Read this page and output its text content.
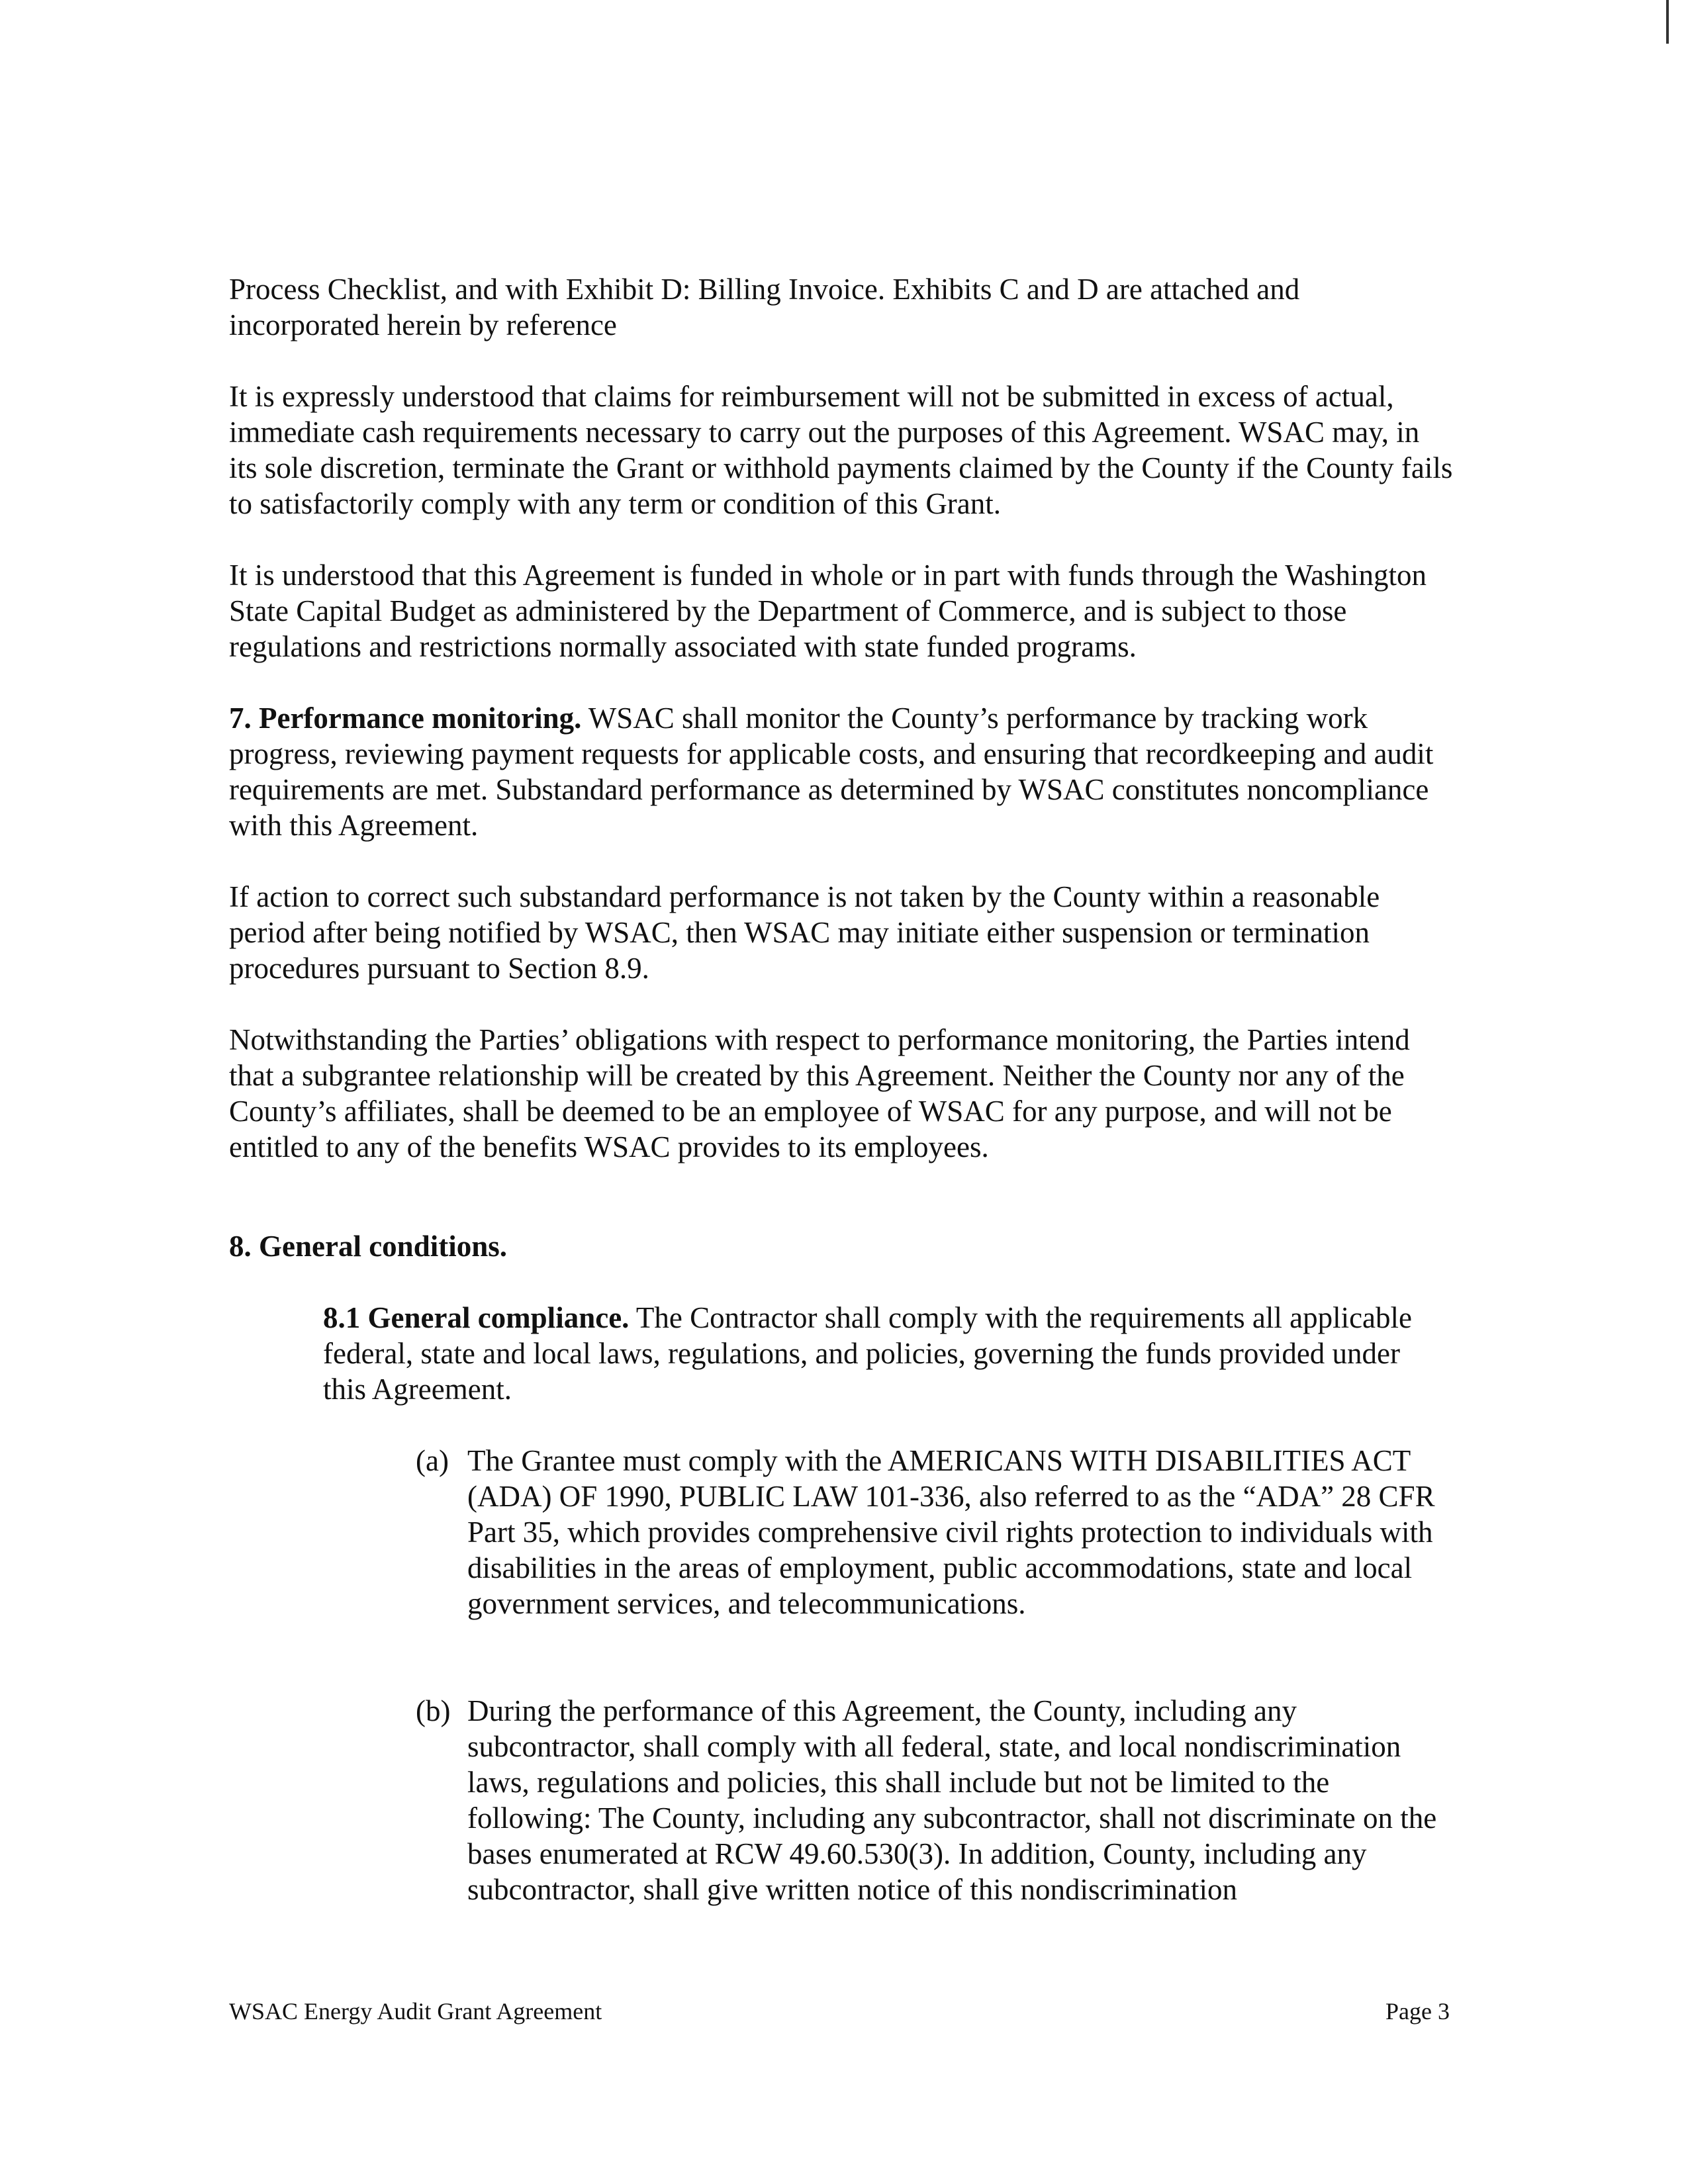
Process Checklist, and with Exhibit D: Billing Invoice. Exhibits C and D are attached and incorporated herein by reference

It is expressly understood that claims for reimbursement will not be submitted in excess of actual, immediate cash requirements necessary to carry out the purposes of this Agreement. WSAC may, in its sole discretion, terminate the Grant or withhold payments claimed by the County if the County fails to satisfactorily comply with any term or condition of this Grant.

It is understood that this Agreement is funded in whole or in part with funds through the Washington State Capital Budget as administered by the Department of Commerce, and is subject to those regulations and restrictions normally associated with state funded programs.

7. Performance monitoring. WSAC shall monitor the County’s performance by tracking work progress, reviewing payment requests for applicable costs, and ensuring that recordkeeping and audit requirements are met. Substandard performance as determined by WSAC constitutes noncompliance with this Agreement.

If action to correct such substandard performance is not taken by the County within a reasonable period after being notified by WSAC, then WSAC may initiate either suspension or termination procedures pursuant to Section 8.9.

Notwithstanding the Parties’ obligations with respect to performance monitoring, the Parties intend that a subgrantee relationship will be created by this Agreement. Neither the County nor any of the County’s affiliates, shall be deemed to be an employee of WSAC for any purpose, and will not be entitled to any of the benefits WSAC provides to its employees.

8. General conditions.

8.1 General compliance. The Contractor shall comply with the requirements all applicable federal, state and local laws, regulations, and policies, governing the funds provided under this Agreement.

(a) The Grantee must comply with the AMERICANS WITH DISABILITIES ACT (ADA) OF 1990, PUBLIC LAW 101-336, also referred to as the “ADA” 28 CFR Part 35, which provides comprehensive civil rights protection to individuals with disabilities in the areas of employment, public accommodations, state and local government services, and telecommunications.
(b) During the performance of this Agreement, the County, including any subcontractor, shall comply with all federal, state, and local nondiscrimination laws, regulations and policies, this shall include but not be limited to the following: The County, including any subcontractor, shall not discriminate on the bases enumerated at RCW 49.60.530(3). In addition, County, including any subcontractor, shall give written notice of this nondiscrimination
WSAC Energy Audit Grant Agreement	Page 3
